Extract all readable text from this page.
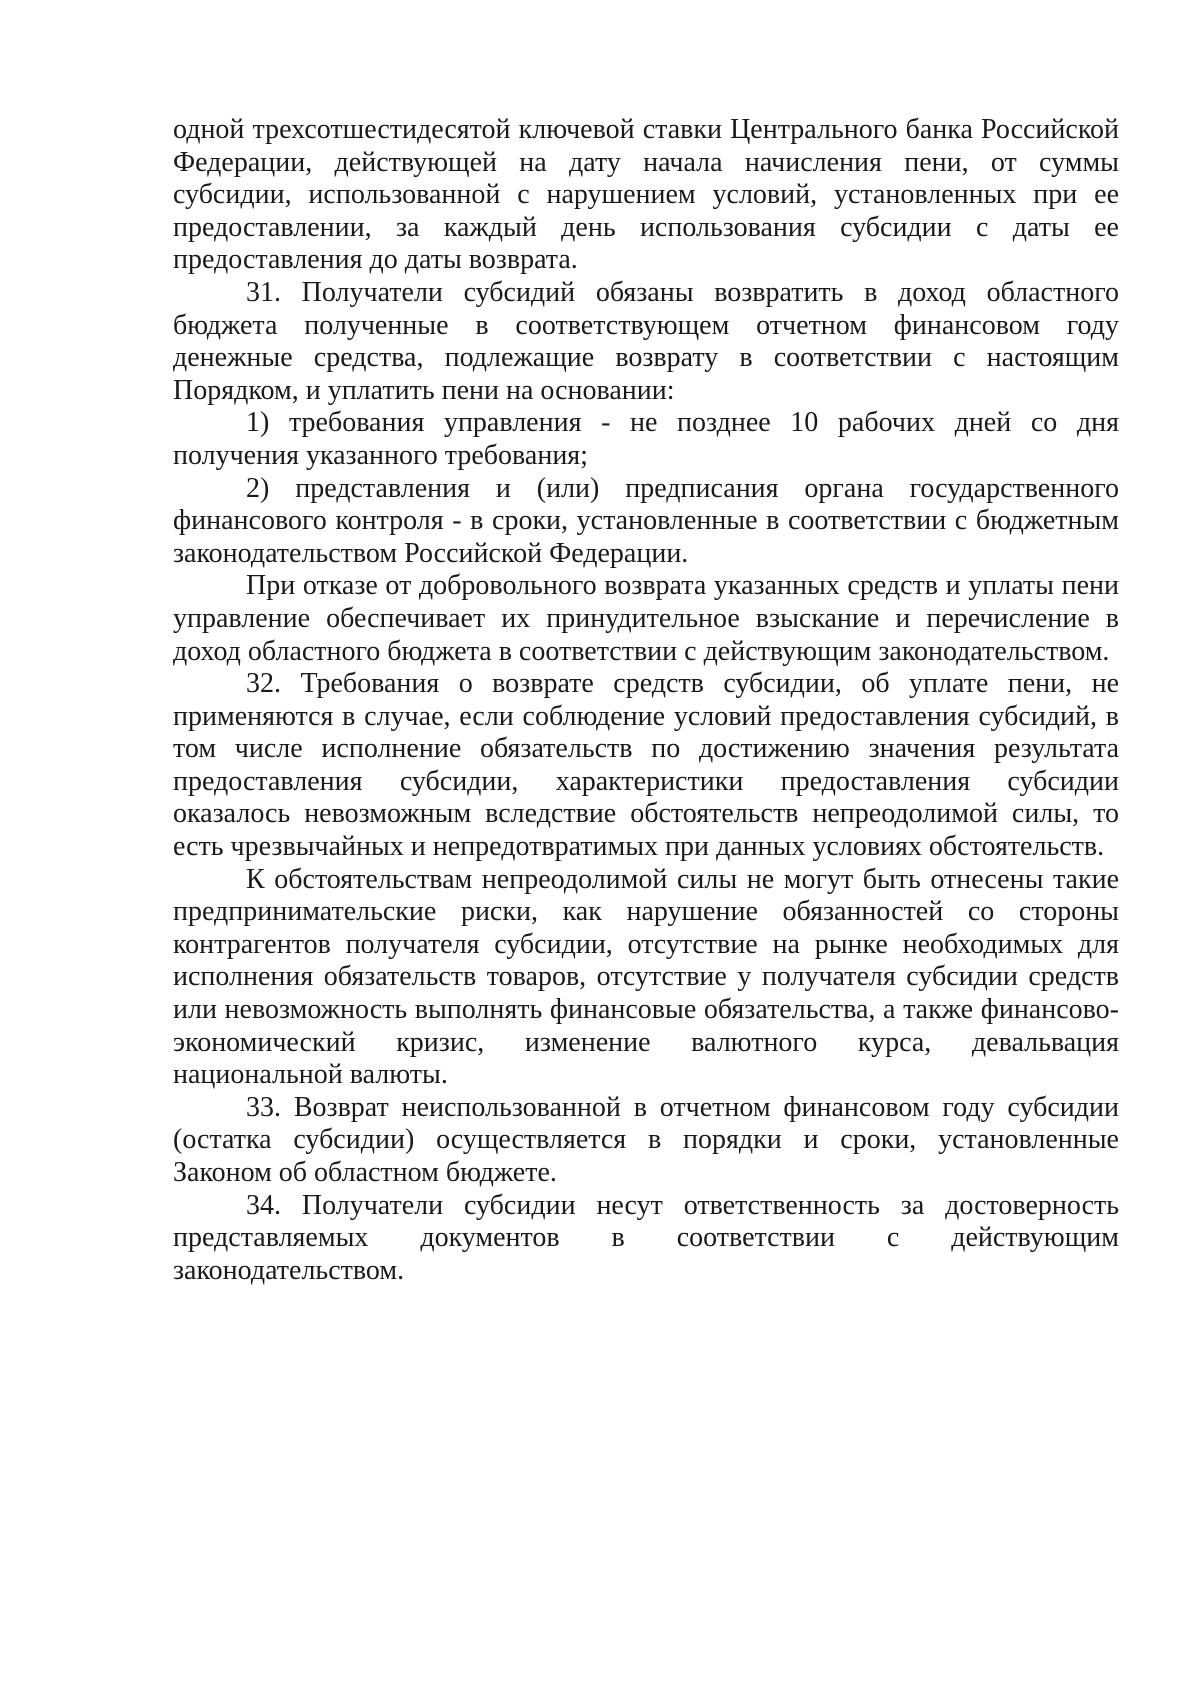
одной трехсотшестидесятой ключевой ставки Центрального банка Российской Федерации, действующей на дату начала начисления пени, от суммы субсидии, использованной с нарушением условий, установленных при ее предоставлении, за каждый день использования субсидии с даты ее предоставления до даты возврата.

31. Получатели субсидий обязаны возвратить в доход областного бюджета полученные в соответствующем отчетном финансовом году денежные средства, подлежащие возврату в соответствии с настоящим Порядком, и уплатить пени на основании:

1) требования управления - не позднее 10 рабочих дней со дня получения указанного требования;

2) представления и (или) предписания органа государственного финансового контроля - в сроки, установленные в соответствии с бюджетным законодательством Российской Федерации.

При отказе от добровольного возврата указанных средств и уплаты пени управление обеспечивает их принудительное взыскание и перечисление в доход областного бюджета в соответствии с действующим законодательством.

32. Требования о возврате средств субсидии, об уплате пени, не применяются в случае, если соблюдение условий предоставления субсидий, в том числе исполнение обязательств по достижению значения результата предоставления субсидии, характеристики предоставления субсидии оказалось невозможным вследствие обстоятельств непреодолимой силы, то есть чрезвычайных и непредотвратимых при данных условиях обстоятельств.

К обстоятельствам непреодолимой силы не могут быть отнесены такие предпринимательские риски, как нарушение обязанностей со стороны контрагентов получателя субсидии, отсутствие на рынке необходимых для исполнения обязательств товаров, отсутствие у получателя субсидии средств или невозможность выполнять финансовые обязательства, а также финансово-экономический кризис, изменение валютного курса, девальвация национальной валюты.

33. Возврат неиспользованной в отчетном финансовом году субсидии (остатка субсидии) осуществляется в порядки и сроки, установленные Законом об областном бюджете.

34. Получатели субсидии несут ответственность за достоверность представляемых документов в соответствии с действующим законодательством.
